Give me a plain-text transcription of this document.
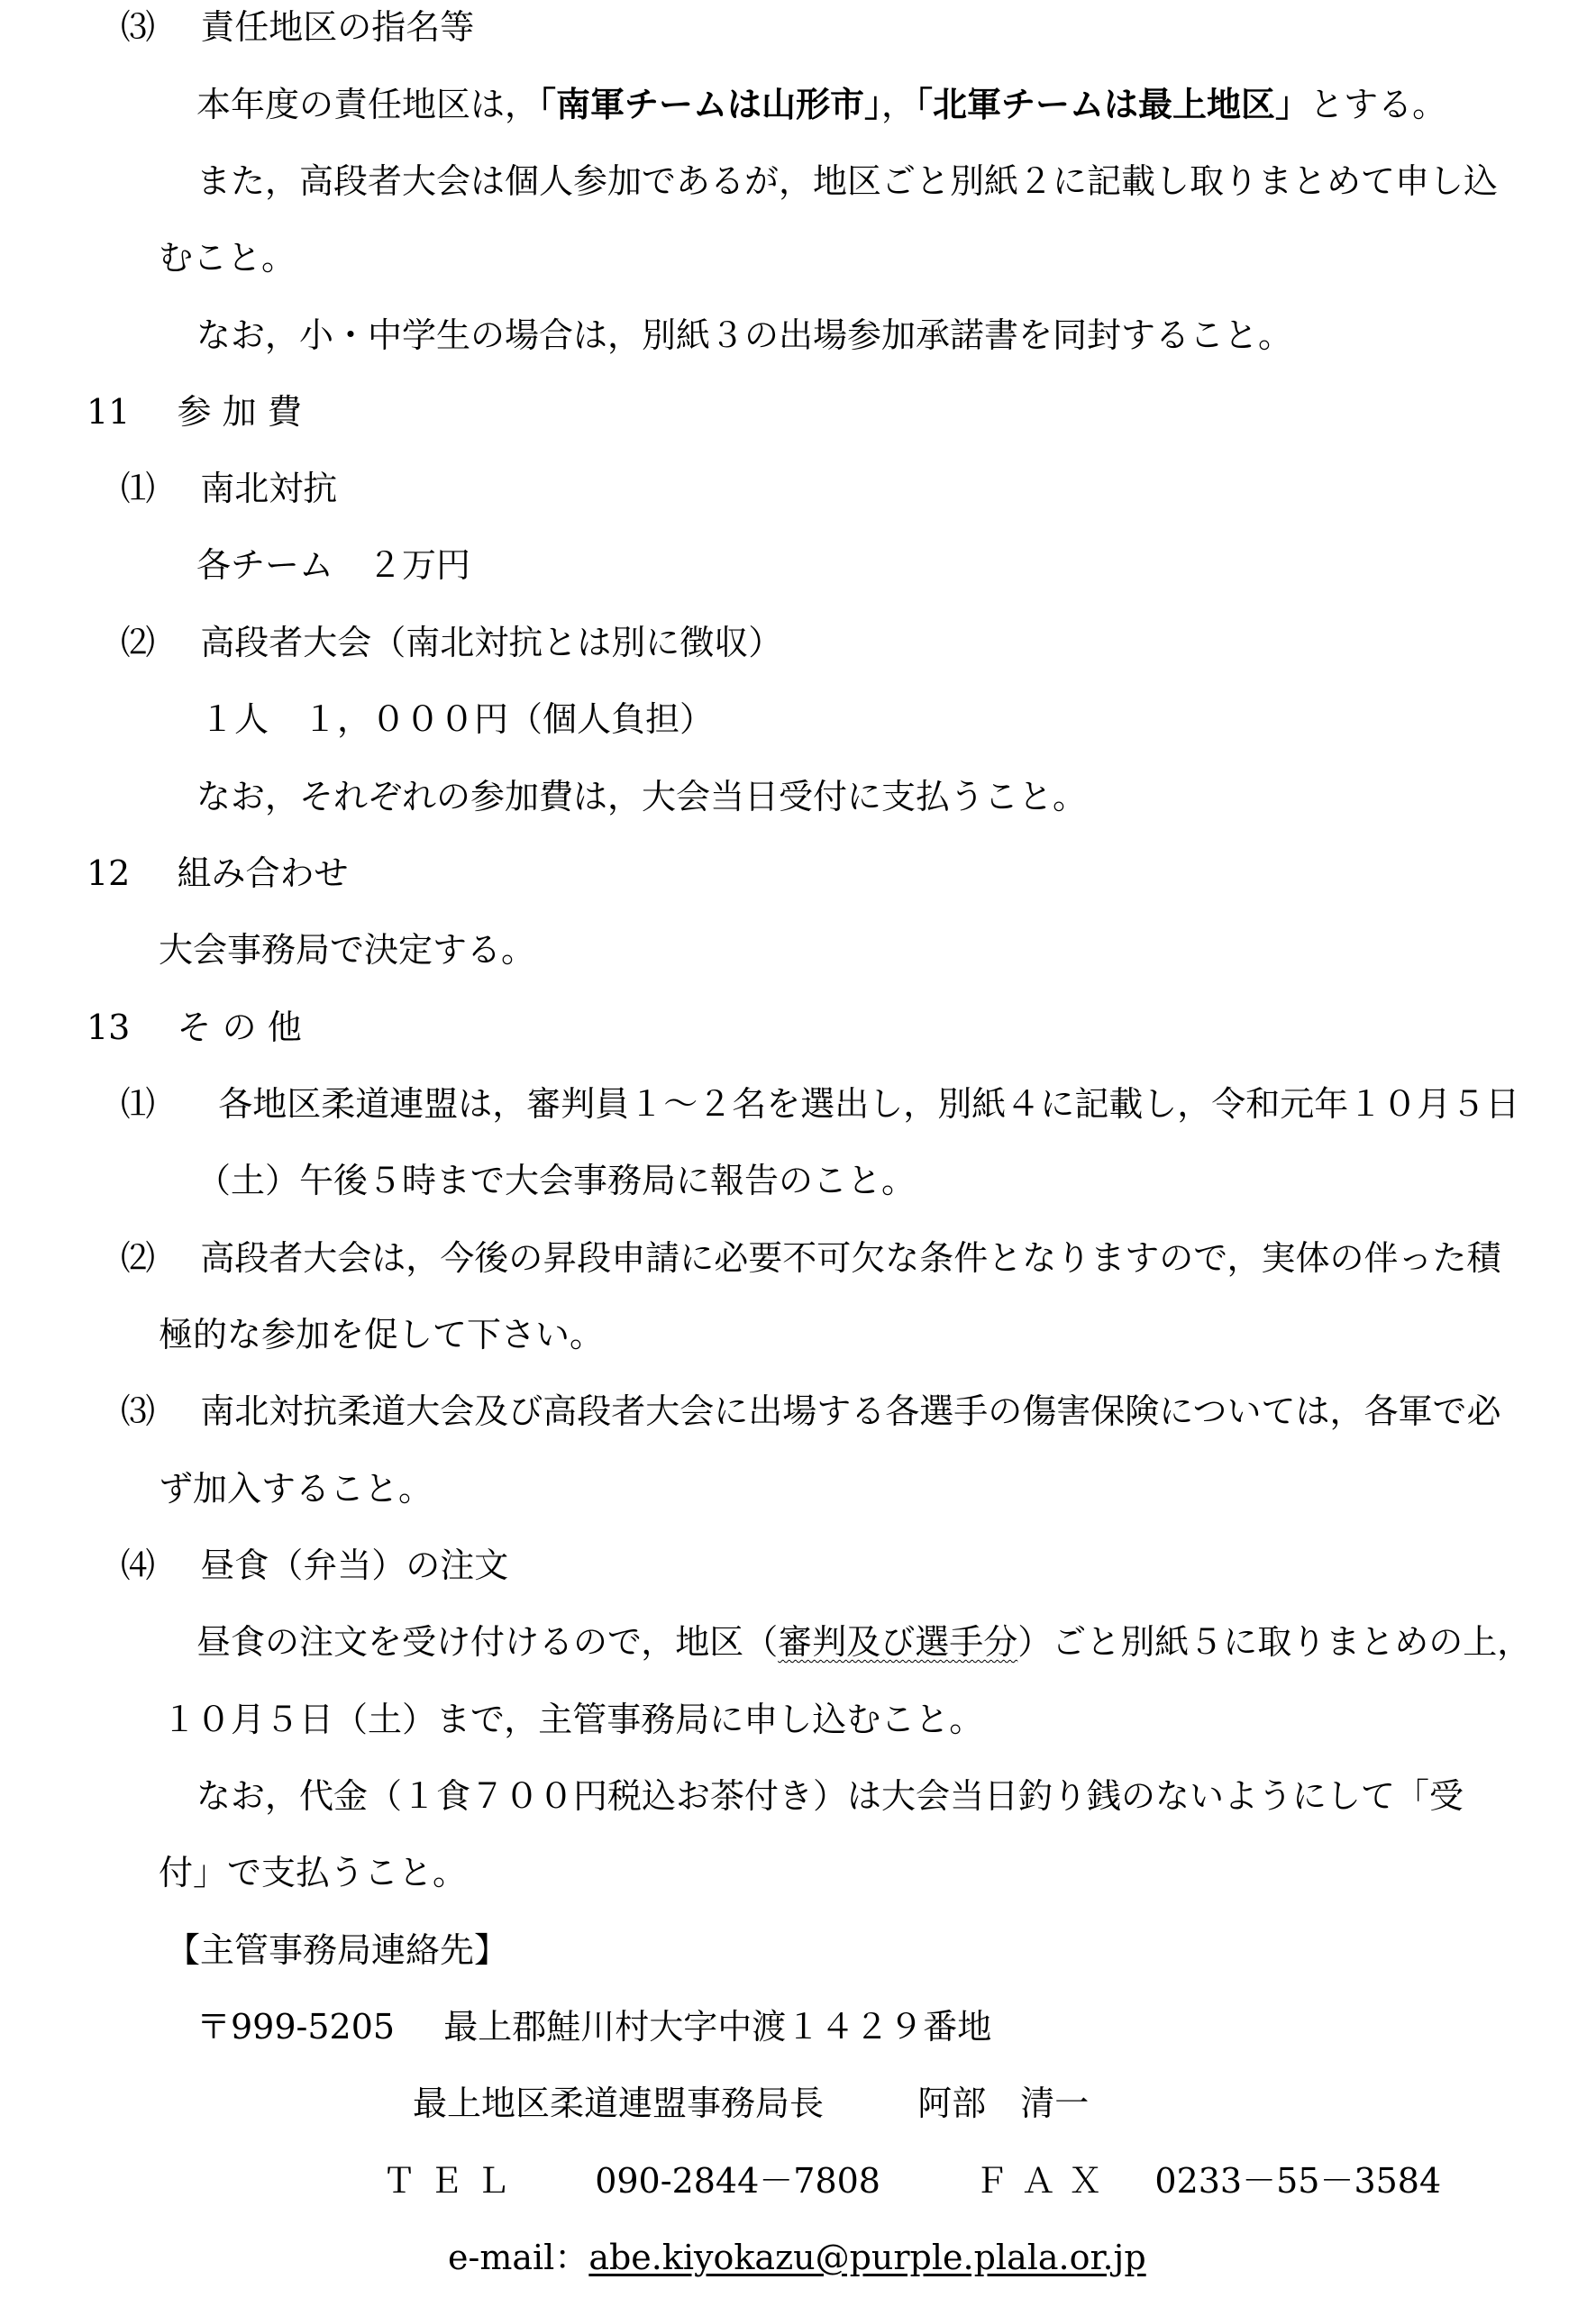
⑶ 責任地区の指名等
本年度の責任地区は，「南軍チームは山形市」，「北軍チームは最上地区」とする。
また，高段者大会は個人参加であるが，地区ごと別紙２に記載し取りまとめて申し込
むこと。
なお，小・中学生の場合は，別紙３の出場参加承諾書を同封すること。
11 参 加 費
⑴ 南北対抗
各チーム　２万円
⑵ 高段者大会（南北対抗とは別に徴収）
１人　１，０００円（個人負担）
なお，それぞれの参加費は，大会当日受付に支払うこと。
12 組み合わせ
大会事務局で決定する。
13 そ の 他
⑴ 各地区柔道連盟は，審判員１～２名を選出し，別紙４に記載し，令和元年１０月５日
（土）午後５時まで大会事務局に報告のこと。
⑵ 高段者大会は，今後の昇段申請に必要不可欠な条件となりますので，実体の伴った積
極的な参加を促して下さい。
⑶ 南北対抗柔道大会及び高段者大会に出場する各選手の傷害保険については，各軍で必
ず加入すること。
⑷ 昼食（弁当）の注文
昼食の注文を受け付けるので，地区（審判及び選手分）ごと別紙５に取りまとめの上，
１０月５日（土）まで，主管事務局に申し込むこと。
なお，代金（１食７００円税込お茶付き）は大会当日釣り銭のないようにして「受
付」で支払うこと。
【主管事務局連絡先】
〒999-5205 最上郡鮭川村大字中渡１４２９番地
最上地区柔道連盟事務局長	阿部　清一
ＴＥＬ 090-2844－7808	ＦＡＸ 0233－55－3584
e-mail：abe.kiyokazu@purple.plala.or.jp
